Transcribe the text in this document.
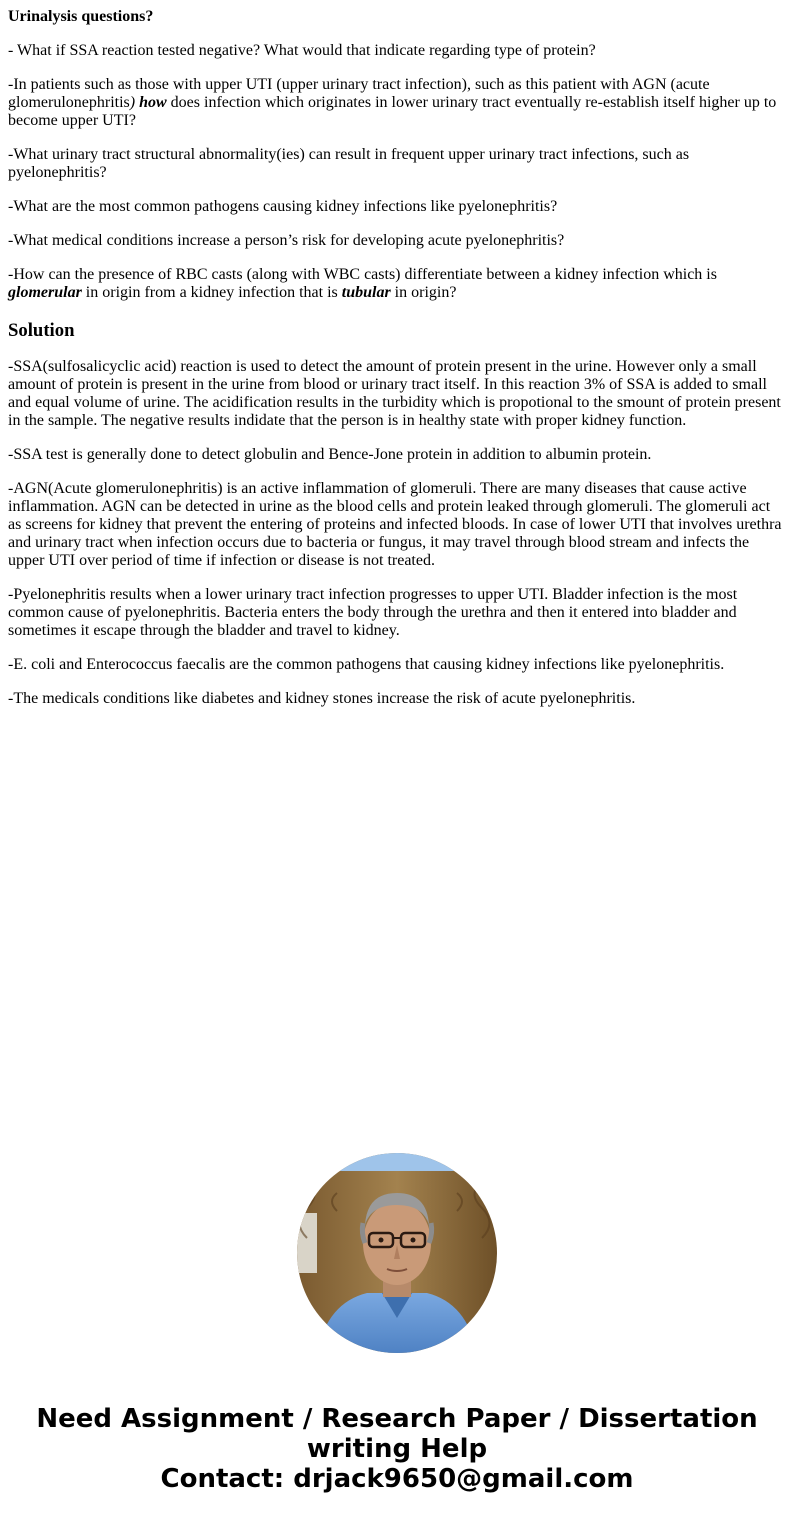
Urinalysis questions?

- What if SSA reaction tested negative? What would that indicate regarding type of protein?

-In patients such as those with upper UTI (upper urinary tract infection), such as this patient with AGN (acute glomerulonephritis) how does infection which originates in lower urinary tract eventually re-establish itself higher up to become upper UTI?

-What urinary tract structural abnormality(ies) can result in frequent upper urinary tract infections, such as pyelonephritis?

-What are the most common pathogens causing kidney infections like pyelonephritis?

-What medical conditions increase a person’s risk for developing acute pyelonephritis?

-How can the presence of RBC casts (along with WBC casts) differentiate between a kidney infection which is glomerular in origin from a kidney infection that is tubular in origin?

Solution

-SSA(sulfosalicyclic acid) reaction is used to detect the amount of protein present in the urine. However only a small amount of protein is present in the urine from blood or urinary tract itself. In this reaction 3% of SSA is added to small and equal volume of urine. The acidification results in the turbidity which is propotional to the smount of protein present in the sample. The negative results indidate that the person is in healthy state with proper kidney function.

-SSA test is generally done to detect globulin and Bence-Jone protein in addition to albumin protein.

-AGN(Acute glomerulonephritis) is an active inflammation of glomeruli. There are many diseases that cause active inflammation. AGN can be detected in urine as the blood cells and protein leaked through glomeruli. The glomeruli act as screens for kidney that prevent the entering of proteins and infected bloods. In case of lower UTI that involves urethra and urinary tract when infection occurs due to bacteria or fungus, it may travel through blood stream and infects the upper UTI over period of time if infection or disease is not treated.

-Pyelonephritis results when a lower urinary tract infection progresses to upper UTI. Bladder infection is the most common cause of pyelonephritis. Bacteria enters the body through the urethra and then it entered into bladder and sometimes it escape through the bladder and travel to kidney.

-E. coli and Enterococcus faecalis are the common pathogens that causing kidney infections like pyelonephritis.

-The medicals conditions like diabetes and kidney stones increase the risk of acute pyelonephritis.

Need Assignment / Research Paper / Dissertation
writing Help
Contact: drjack9650@gmail.com
